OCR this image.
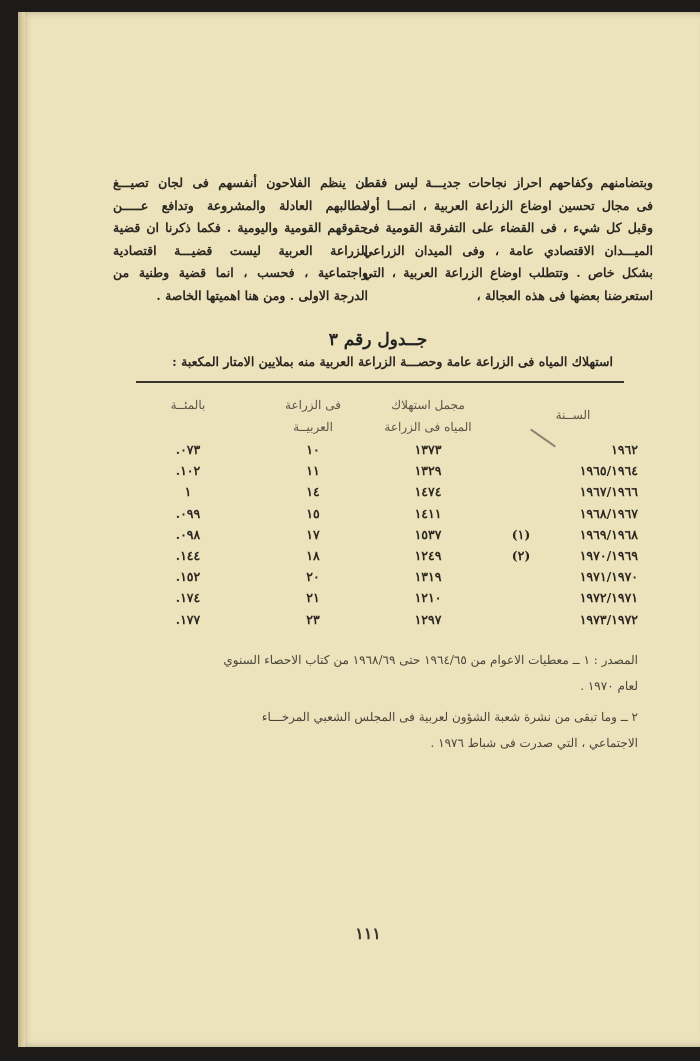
وبتضامنهم وكفاحهم احراز نجاحات جديـــة ليس فقط فى مجال تحسين اوضاع الزراعة العربية ، انمـــا أولا وقبل كل شيء ، فى القضاء على التفرقة القومية فى الميـــدان الاقتصادي عامة ، وفى الميدان الزراعي بشكل خاص . وتتطلب اوضاع الزراعة العربية ، التي استعرضنا بعضها فى هذه العجالة ،

ان ينظم الفلاحون أنفسهم فى لجان تصيـــغ مطالبهم العادلة والمشروعة وتدافع عـــــن حقوقهم القومية واليومية . فكما ذكرنا ان قضية الزراعة العربية ليست قضيـــة اقتصادية واجتماعية ، فحسب ، انما قضية وطنية من الدرجة الاولى . ومن هنا اهميتها الخاصة .

جــدول رقم ٣
استهلاك المياه فى الزراعة عامة وحصـــة الزراعة العربية منه بملايين الامتار المكعبة :
الســنة
مجمل استهلاك
المياه فى الزراعة
فى الزراعة
العربيــة
بالمئــة
١٩٦٢
١٣٧٣
١٠
٠٧٣.
١٩٦٥/١٩٦٤
١٣٢٩
١١
١٠٢.
١٩٦٧/١٩٦٦
١٤٧٤
١٤
١
١٩٦٨/١٩٦٧
١٤١١
١٥
٠٩٩.
١٩٦٩/١٩٦٨
(١)
١٥٣٧
١٧
٠٩٨.
١٩٧٠/١٩٦٩
(٢)
١٢٤٩
١٨
١٤٤.
١٩٧١/١٩٧٠
١٣١٩
٢٠
١٥٢.
١٩٧٢/١٩٧١
١٢١٠
٢١
١٧٤.
١٩٧٣/١٩٧٢
١٢٩٧
٢٣
١٧٧.
المصدر : ١ ــ معطيات الاعوام من ١٩٦٤/٦٥ حتى ١٩٦٨/٦٩ من كتاب الاحصاء السنوي
لعام ١٩٧٠ .
٢ ــ وما تبقى من نشرة شعبة الشؤون لعربية فى المجلس الشعبي المرخـــاء
الاجتماعي ، التي صدرت فى شباط ١٩٧٦ .
١١١
